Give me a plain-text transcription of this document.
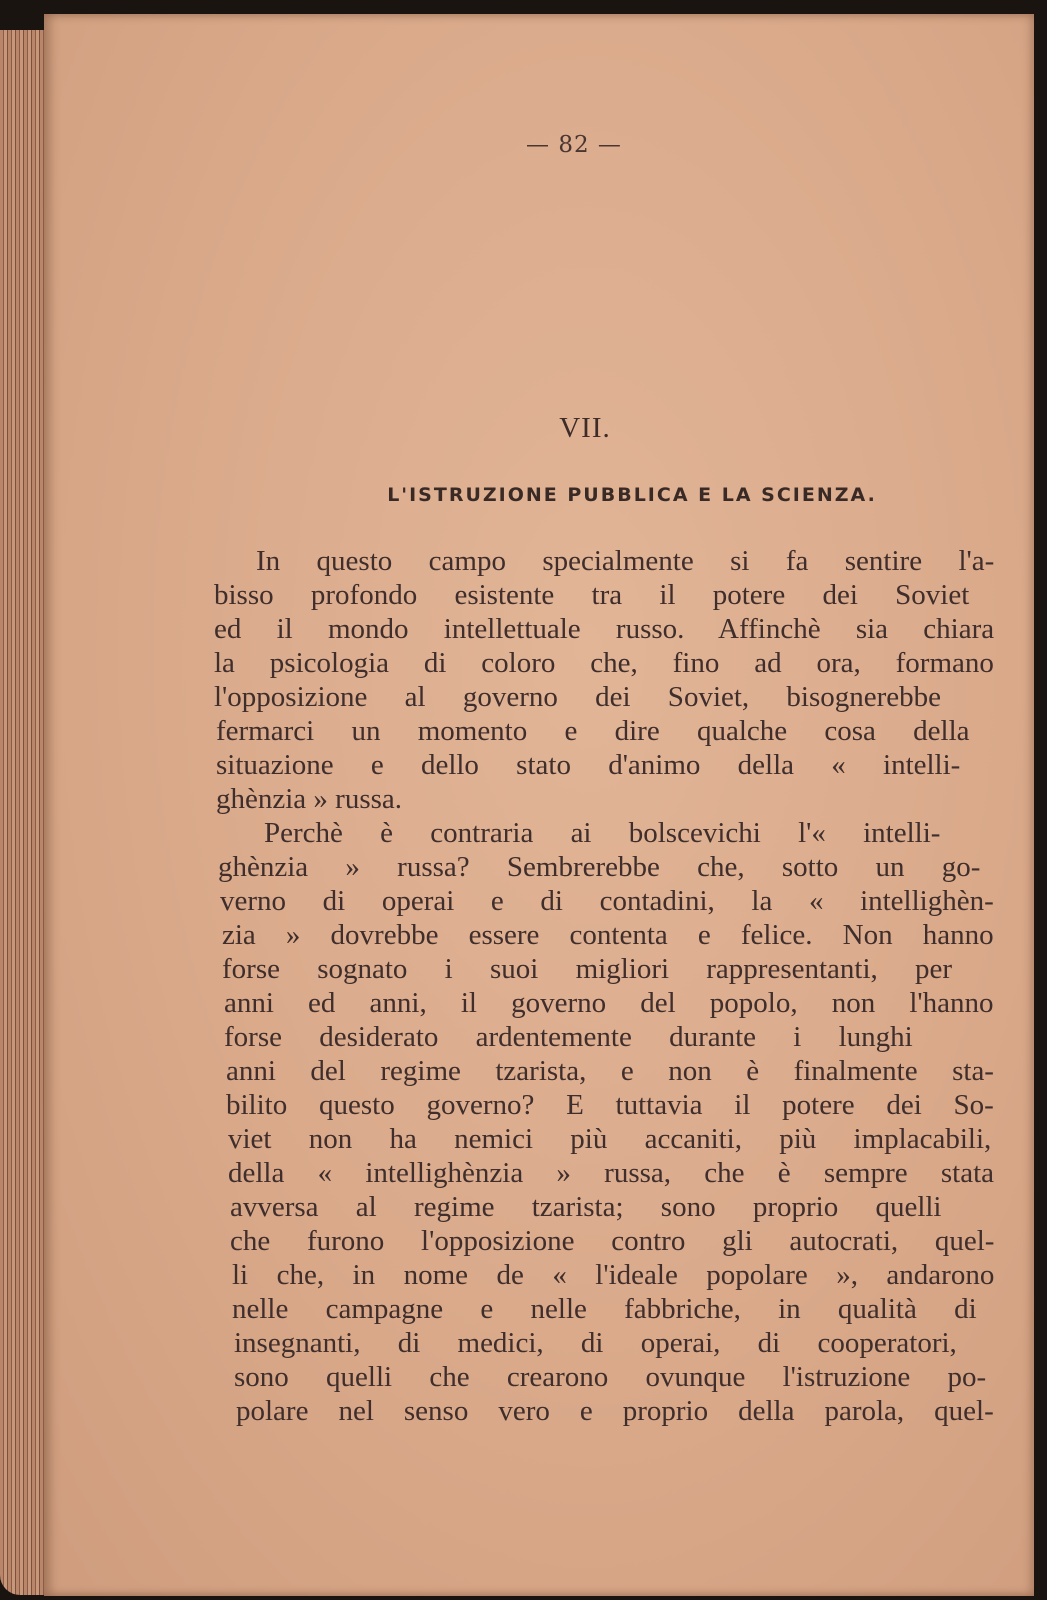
— 82 —
VII.
L'ISTRUZIONE PUBBLICA E LA SCIENZA.
In questo campo specialmente si fa sentire l'a-
bisso profondo esistente tra il potere dei Soviet
ed il mondo intellettuale russo. Affinchè sia chiara
la psicologia di coloro che, fino ad ora, formano
l'opposizione al governo dei Soviet, bisognerebbe
fermarci un momento e dire qualche cosa della
situazione e dello stato d'animo della « intelli-
ghènzia » russa.
Perchè è contraria ai bolscevichi l'« intelli-
ghènzia » russa? Sembrerebbe che, sotto un go-
verno di operai e di contadini, la « intellighèn-
zia » dovrebbe essere contenta e felice. Non hanno
forse sognato i suoi migliori rappresentanti, per
anni ed anni, il governo del popolo, non l'hanno
forse desiderato ardentemente durante i lunghi
anni del regime tzarista, e non è finalmente sta-
bilito questo governo? E tuttavia il potere dei So-
viet non ha nemici più accaniti, più implacabili,
della « intellighènzia » russa, che è sempre stata
avversa al regime tzarista; sono proprio quelli
che furono l'opposizione contro gli autocrati, quel-
li che, in nome de « l'ideale popolare », andarono
nelle campagne e nelle fabbriche, in qualità di
insegnanti, di medici, di operai, di cooperatori,
sono quelli che crearono ovunque l'istruzione po-
polare nel senso vero e proprio della parola, quel-
